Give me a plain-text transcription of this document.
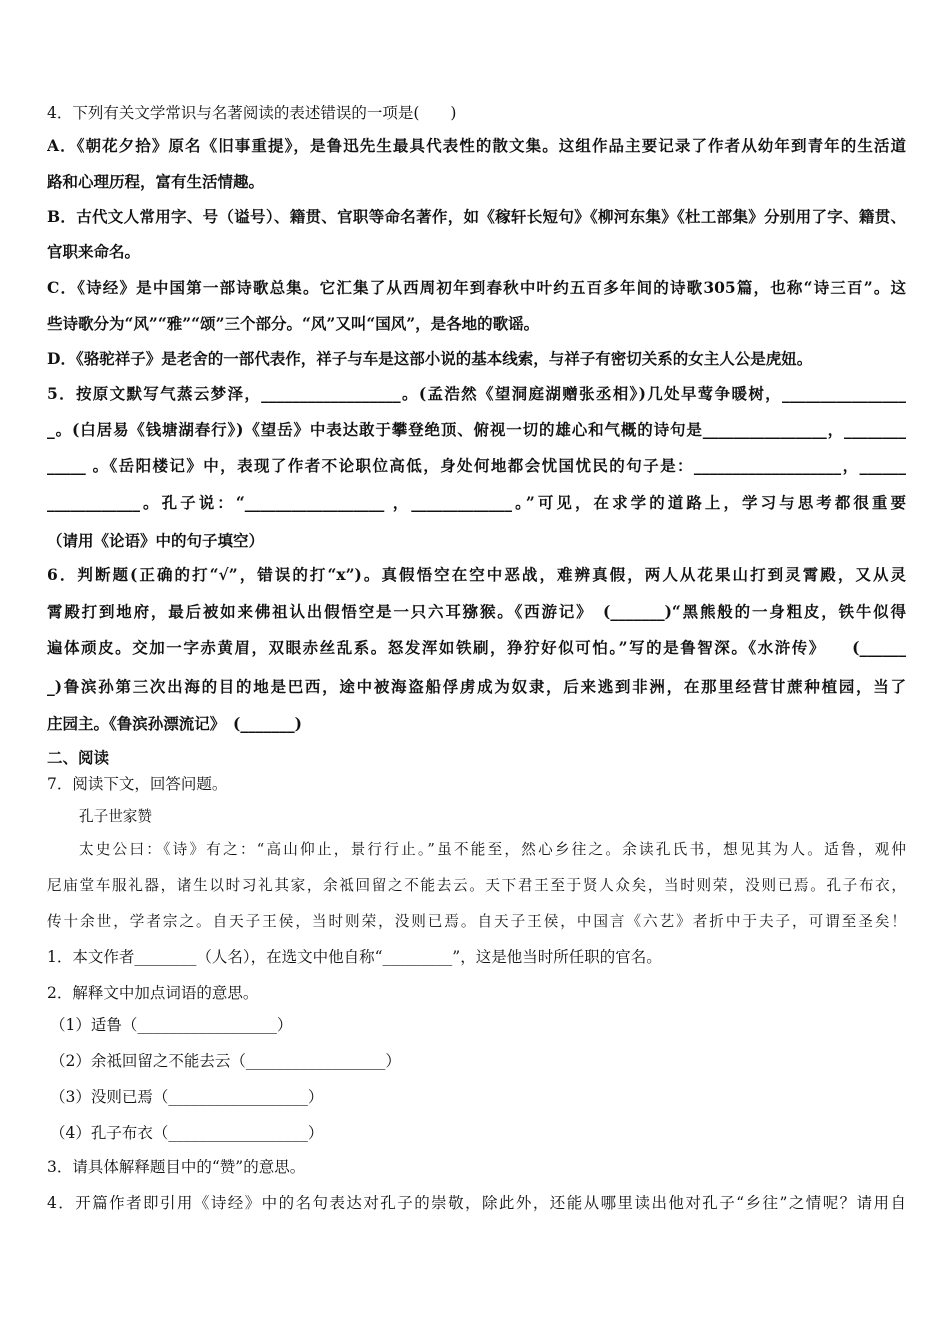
4．下列有关文学常识与名著阅读的表述错误的一项是(　　)
A．《朝花夕拾》原名《旧事重提》，是鲁迅先生最具代表性的散文集。这组作品主要记录了作者从幼年到青年的生活道
路和心理历程，富有生活情趣。
B．古代文人常用字、号（谥号）、籍贯、官职等命名著作，如《稼轩长短句》《柳河东集》《杜工部集》分别用了字、籍贯、
官职来命名。
C．《诗经》是中国第一部诗歌总集。它汇集了从西周初年到春秋中叶约五百多年间的诗歌305篇，也称“诗三百”。这
些诗歌分为“风”“雅”“颂”三个部分。“风”又叫“国风”，是各地的歌谣。
D．《骆驼祥子》是老舍的一部代表作，祥子与车是这部小说的基本线索，与祥子有密切关系的女主人公是虎妞。
5．按原文默写气蒸云梦泽，__________________。(孟浩然《望洞庭湖赠张丞相》)几处早莺争暖树，________________
_。(白居易《钱塘湖春行》)《望岳》中表达敢于攀登绝顶、俯视一切的雄心和气概的诗句是________________，________
_____ 。《岳阳楼记》中，表现了作者不论职位高低，身处何地都会忧国忧民的句子是：___________________，______
____________。孔子说：“__________________ ，_____________。”可见，在求学的道路上，学习与思考都很重要
（请用《论语》中的句子填空）
6．判断题(正确的打“√”，错误的打“x”)。真假悟空在空中恶战，难辨真假，两人从花果山打到灵霄殿，又从灵
霄殿打到地府，最后被如来佛祖认出假悟空是一只六耳猕猴。《西游记》　(_______)“黑熊般的一身粗皮，铁牛似得
遍体顽皮。交加一字赤黄眉，双眼赤丝乱系。怒发浑如铁刷，狰狞好似可怕。”写的是鲁智深。《水浒传》　　(______
_)鲁滨孙第三次出海的目的地是巴西，途中被海盗船俘虏成为奴隶，后来逃到非洲，在那里经营甘蔗种植园，当了
庄园主。《鲁滨孙漂流记》　(_______)
二、阅读
7．阅读下文，回答问题。
孔子世家赞
太史公曰：《诗》有之：“高山仰止，景行行止。”虽不能至，然心乡往之。余读孔氏书，想见其为人。适鲁，观仲
尼庙堂车服礼器，诸生以时习礼其家，余祗回留之不能去云。天下君王至于贤人众矣，当时则荣，没则已焉。孔子布衣，
传十余世，学者宗之。自天子王侯，当时则荣，没则已焉。自天子王侯，中国言《六艺》者折中于夫子，可谓至圣矣！
1．本文作者________（人名），在选文中他自称“_________”，这是他当时所任职的官名。
2．解释文中加点词语的意思。
（1）适鲁（__________________）
（2）余祗回留之不能去云（__________________）
（3）没则已焉（__________________）
（4）孔子布衣（__________________）
3．请具体解释题目中的“赞”的意思。
4．开篇作者即引用《诗经》中的名句表达对孔子的崇敬，除此外，还能从哪里读出他对孔子“乡往”之情呢？请用自
